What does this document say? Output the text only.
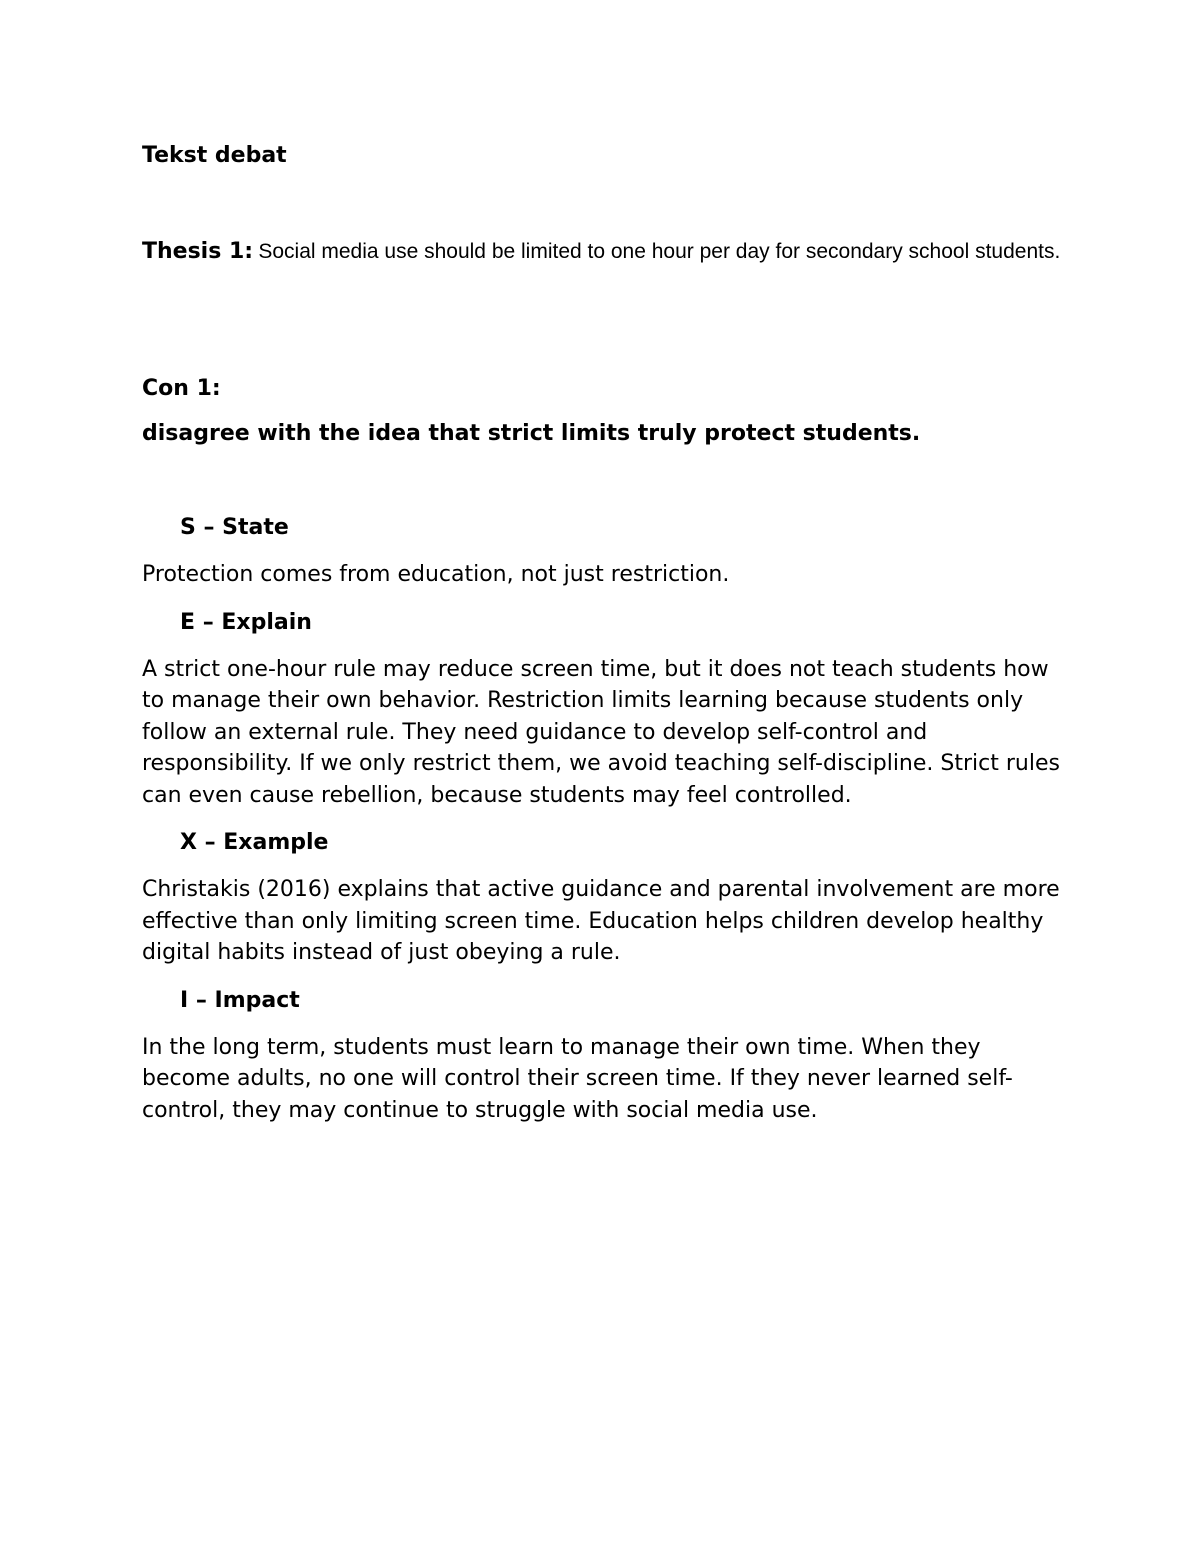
Tekst debat

Thesis 1: Social media use should be limited to one hour per day for secondary school students.

Con 1:

disagree with the idea that strict limits truly protect students.

S – State

Protection comes from education, not just restriction.

E – Explain

A strict one-hour rule may reduce screen time, but it does not teach students how to manage their own behavior. Restriction limits learning because students only follow an external rule. They need guidance to develop self-control and responsibility. If we only restrict them, we avoid teaching self-discipline. Strict rules can even cause rebellion, because students may feel controlled.

X – Example

Christakis (2016) explains that active guidance and parental involvement are more effective than only limiting screen time. Education helps children develop healthy digital habits instead of just obeying a rule.

I – Impact

In the long term, students must learn to manage their own time. When they become adults, no one will control their screen time. If they never learned self-control, they may continue to struggle with social media use.
